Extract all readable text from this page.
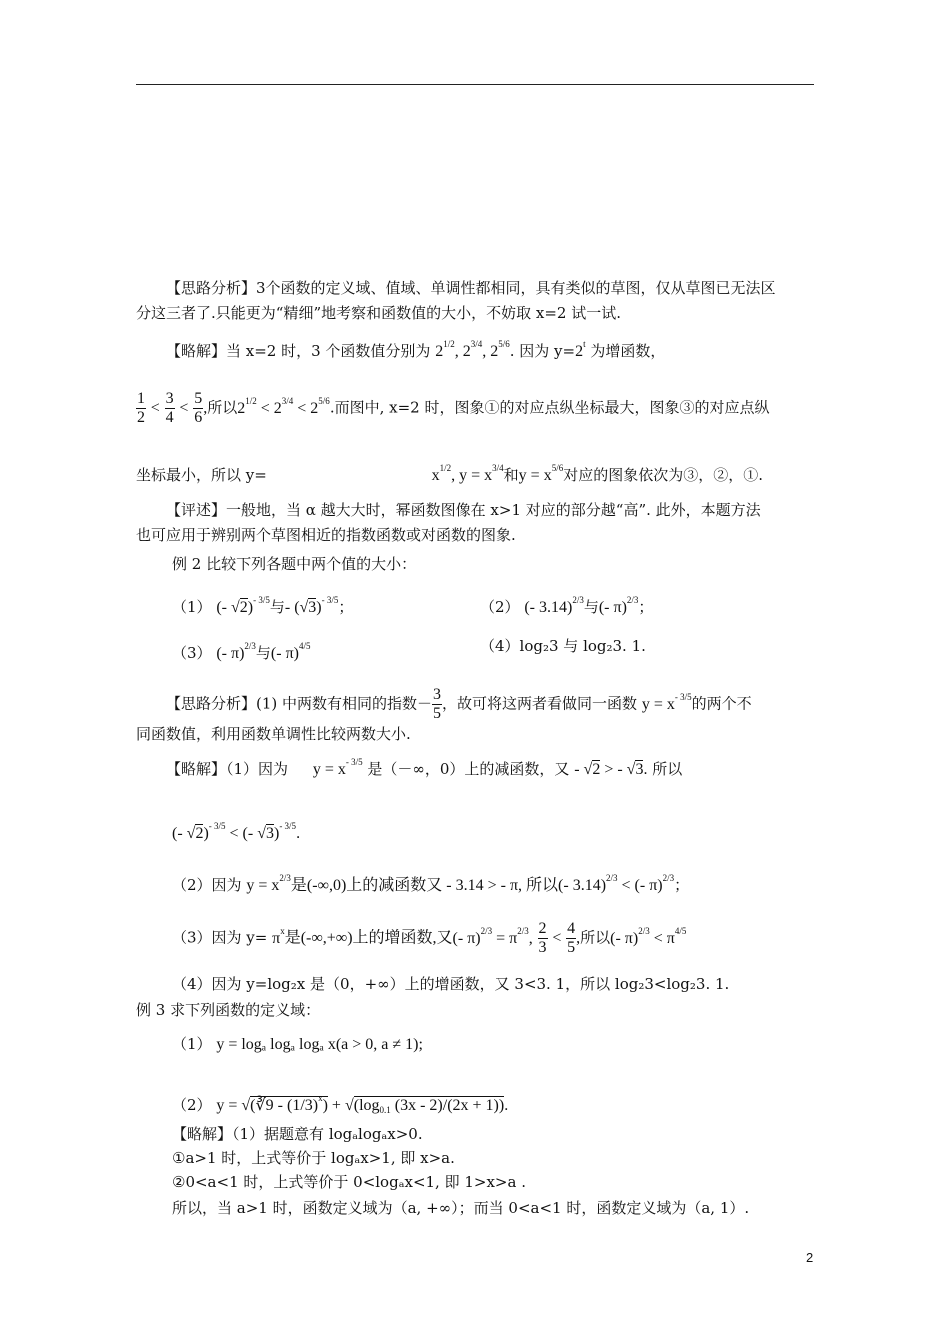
【思路分析】3个函数的定义域、值域、单调性都相同，具有类似的草图，仅从草图已无法区
分这三者了.只能更为“精细”地考察和函数值的大小，不妨取 x=2 试一试.
【略解】当 x=2 时，3 个函数值分别为 $2^{1/2}$, $2^{3/4}$, $2^{5/6}$. 因为 $y=2^t$ 为增函数，
$\frac{1}{2} < \frac{3}{4} < \frac{5}{6}$ ,所以$2^{1/2} < 2^{3/4} < 2^{5/6}$.而图中, x=2 时，图象①的对应点纵坐标最大，图象③的对应点纵
坐标最小，所以 y=	$x^{1/2}$, $y = x^{3/4}$和$y = x^{5/6}$对应的图象依次为③，②，①.
【评述】一般地，当 α 越大大时，幂函数图像在 x>1 对应的部分越“高”. 此外，本题方法
也可应用于辨别两个草图相近的指数函数或对函数的图象.
例 2 比较下列各题中两个值的大小：
（1） (- √2)$^{- 3/5}$与- $(√3)^{- 3/5}$；	（2） (- 3.14)$^{2/3}$与(- π)$^{2/3}$；
（3） (- π)$^{2/3}$与(- π)$^{4/5}$	（4）log₂3 与 log₂3. 1.
【思路分析】(1) 中两数有相同的指数－ $\frac{3}{5}$ ，故可将这两者看做同一函数 $y = x^{- 3/5}$的两个不
同函数值，利用函数单调性比较两数大小.
【略解】（1）因为 $y = x^{- 3/5}$ 是（－∞，0）上的减函数，又 - √2 > - √3. 所以
(- √2)$^{- 3/5}$ < (- √3)$^{- 3/5}$.
（2）因为 $y = x^{2/3}$是(-∞,0)上的减函数又 - 3.14 > - π, 所以(- 3.14)$^{2/3}$ < (- π)$^{2/3}$；
（3）因为 $y= \pi^x$是(-∞,+∞)上的增函数,又(- $\pi)^{2/3} = \pi^{2/3}$, $\frac{2}{3} < \frac{4}{5}$ ,所以(- $\pi)^{2/3} < \pi^{4/5}$
（4）因为 y=log₂x 是（0，+∞）上的增函数，又 3<3. 1，所以 log₂3<log₂3. 1.
例 3 求下列函数的定义域：
（1） y = logₐ logₐ logₐ x(a > 0, a ≠ 1);
（2） y = √(∛9 - $(1/3)^x) + √(\log_{0.1}$ (3x - 2)/(2x + 1)).
【略解】（1）据题意有 logₐlogₐx>0.
①a>1 时，上式等价于 logₐx>1, 即 x>a.
②0<a<1 时，上式等价于 0<logₐx<1, 即 1>x>a .
所以，当 a>1 时，函数定义域为（a, +∞）；而当 0<a<1 时，函数定义域为（a, 1）.
2
